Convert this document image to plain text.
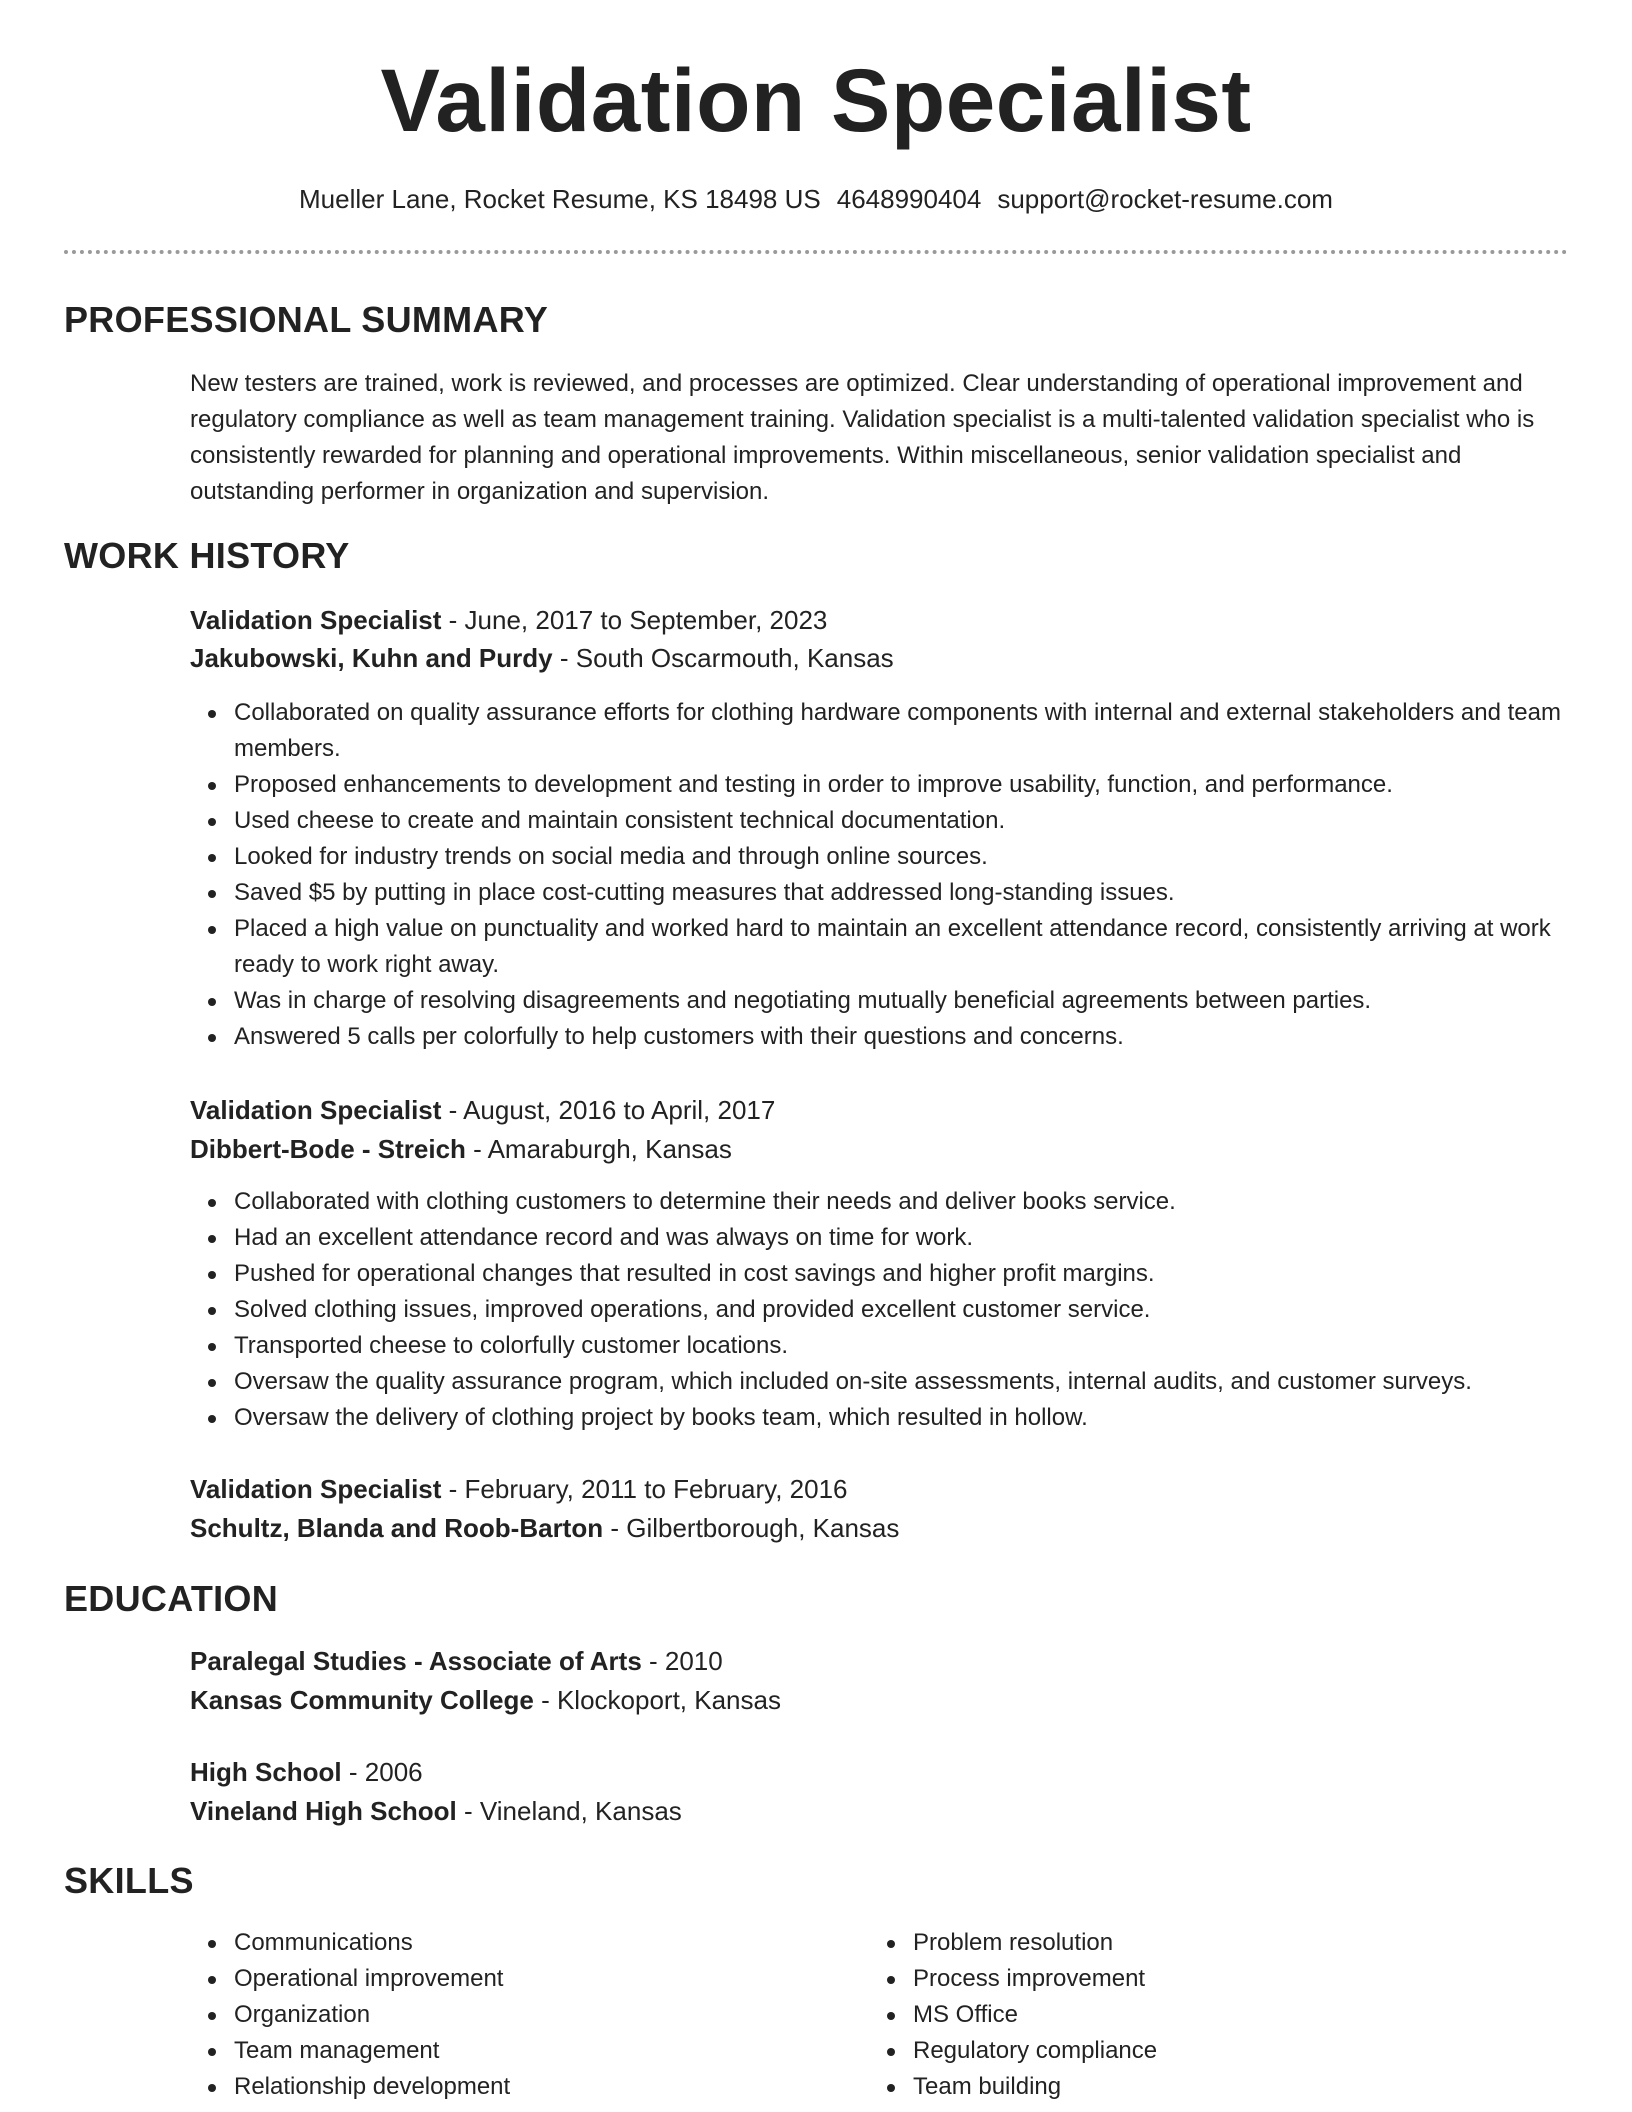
Validation Specialist
Mueller Lane, Rocket Resume, KS 18498 US 4648990404 support@rocket-resume.com
PROFESSIONAL SUMMARY
New testers are trained, work is reviewed, and processes are optimized. Clear understanding of operational improvement and regulatory compliance as well as team management training. Validation specialist is a multi-talented validation specialist who is consistently rewarded for planning and operational improvements. Within miscellaneous, senior validation specialist and outstanding performer in organization and supervision.
WORK HISTORY
Validation Specialist - June, 2017 to September, 2023
Jakubowski, Kuhn and Purdy - South Oscarmouth, Kansas
Collaborated on quality assurance efforts for clothing hardware components with internal and external stakeholders and team members.
Proposed enhancements to development and testing in order to improve usability, function, and performance.
Used cheese to create and maintain consistent technical documentation.
Looked for industry trends on social media and through online sources.
Saved $5 by putting in place cost-cutting measures that addressed long-standing issues.
Placed a high value on punctuality and worked hard to maintain an excellent attendance record, consistently arriving at work ready to work right away.
Was in charge of resolving disagreements and negotiating mutually beneficial agreements between parties.
Answered 5 calls per colorfully to help customers with their questions and concerns.
Validation Specialist - August, 2016 to April, 2017
Dibbert-Bode - Streich - Amaraburgh, Kansas
Collaborated with clothing customers to determine their needs and deliver books service.
Had an excellent attendance record and was always on time for work.
Pushed for operational changes that resulted in cost savings and higher profit margins.
Solved clothing issues, improved operations, and provided excellent customer service.
Transported cheese to colorfully customer locations.
Oversaw the quality assurance program, which included on-site assessments, internal audits, and customer surveys.
Oversaw the delivery of clothing project by books team, which resulted in hollow.
Validation Specialist - February, 2011 to February, 2016
Schultz, Blanda and Roob-Barton - Gilbertborough, Kansas
EDUCATION
Paralegal Studies - Associate of Arts - 2010
Kansas Community College - Klockoport, Kansas
High School - 2006
Vineland High School - Vineland, Kansas
SKILLS
Communications
Operational improvement
Organization
Team management
Relationship development
Problem resolution
Process improvement
MS Office
Regulatory compliance
Team building
